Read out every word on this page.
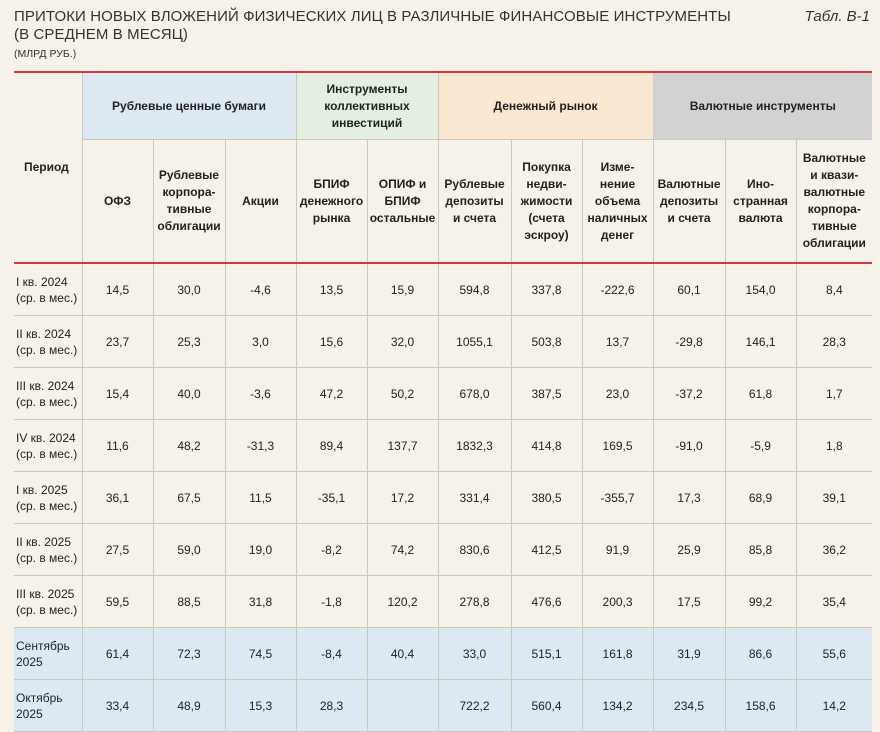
ПРИТОКИ НОВЫХ ВЛОЖЕНИЙ ФИЗИЧЕСКИХ ЛИЦ В РАЗЛИЧНЫЕ ФИНАНСОВЫЕ ИНСТРУМЕНТЫ
(В СРЕДНЕМ В МЕСЯЦ)
(МЛРД РУБ.)
Табл. В-1
Период	Рублевые ценные бумаги			Инструменты коллективных инвестиций		Денежный рынок			Валютные инструменты		
	ОФЗ	Рублевые корпора-тивные облигации	Акции	БПИФ денежного рынка	ОПИФ и БПИФ остальные	Рублевые депозиты и счета	Покупка недви-жимости (счета эскроу)	Изме-нение объема наличных денег	Валютные депозиты и счета	Ино-странная валюта	Валютные и квази-валютные корпора-тивные облигации

I кв. 2024
(ср. в мес.)	14,5	30,0	-4,6	13,5	15,9	594,8	337,8	-222,6	60,1	154,0	8,4

II кв. 2024
(ср. в мес.)	23,7	25,3	3,0	15,6	32,0	1055,1	503,8	13,7	-29,8	146,1	28,3

III кв. 2024
(ср. в мес.)	15,4	40,0	-3,6	47,2	50,2	678,0	387,5	23,0	-37,2	61,8	1,7

IV кв. 2024
(ср. в мес.)	11,6	48,2	-31,3	89,4	137,7	1832,3	414,8	169,5	-91,0	-5,9	1,8

I кв. 2025
(ср. в мес.)	36,1	67,5	11,5	-35,1	17,2	331,4	380,5	-355,7	17,3	68,9	39,1

II кв. 2025
(ср. в мес.)	27,5	59,0	19,0	-8,2	74,2	830,6	412,5	91,9	25,9	85,8	36,2

III кв. 2025
(ср. в мес.)	59,5	88,5	31,8	-1,8	120,2	278,8	476,6	200,3	17,5	99,2	35,4

Сентябрь
2025	61,4	72,3	74,5	-8,4	40,4	33,0	515,1	161,8	31,9	86,6	55,6

Октябрь
2025	33,4	48,9	15,3	28,3		722,2	560,4	134,2	234,5	158,6	14,2
